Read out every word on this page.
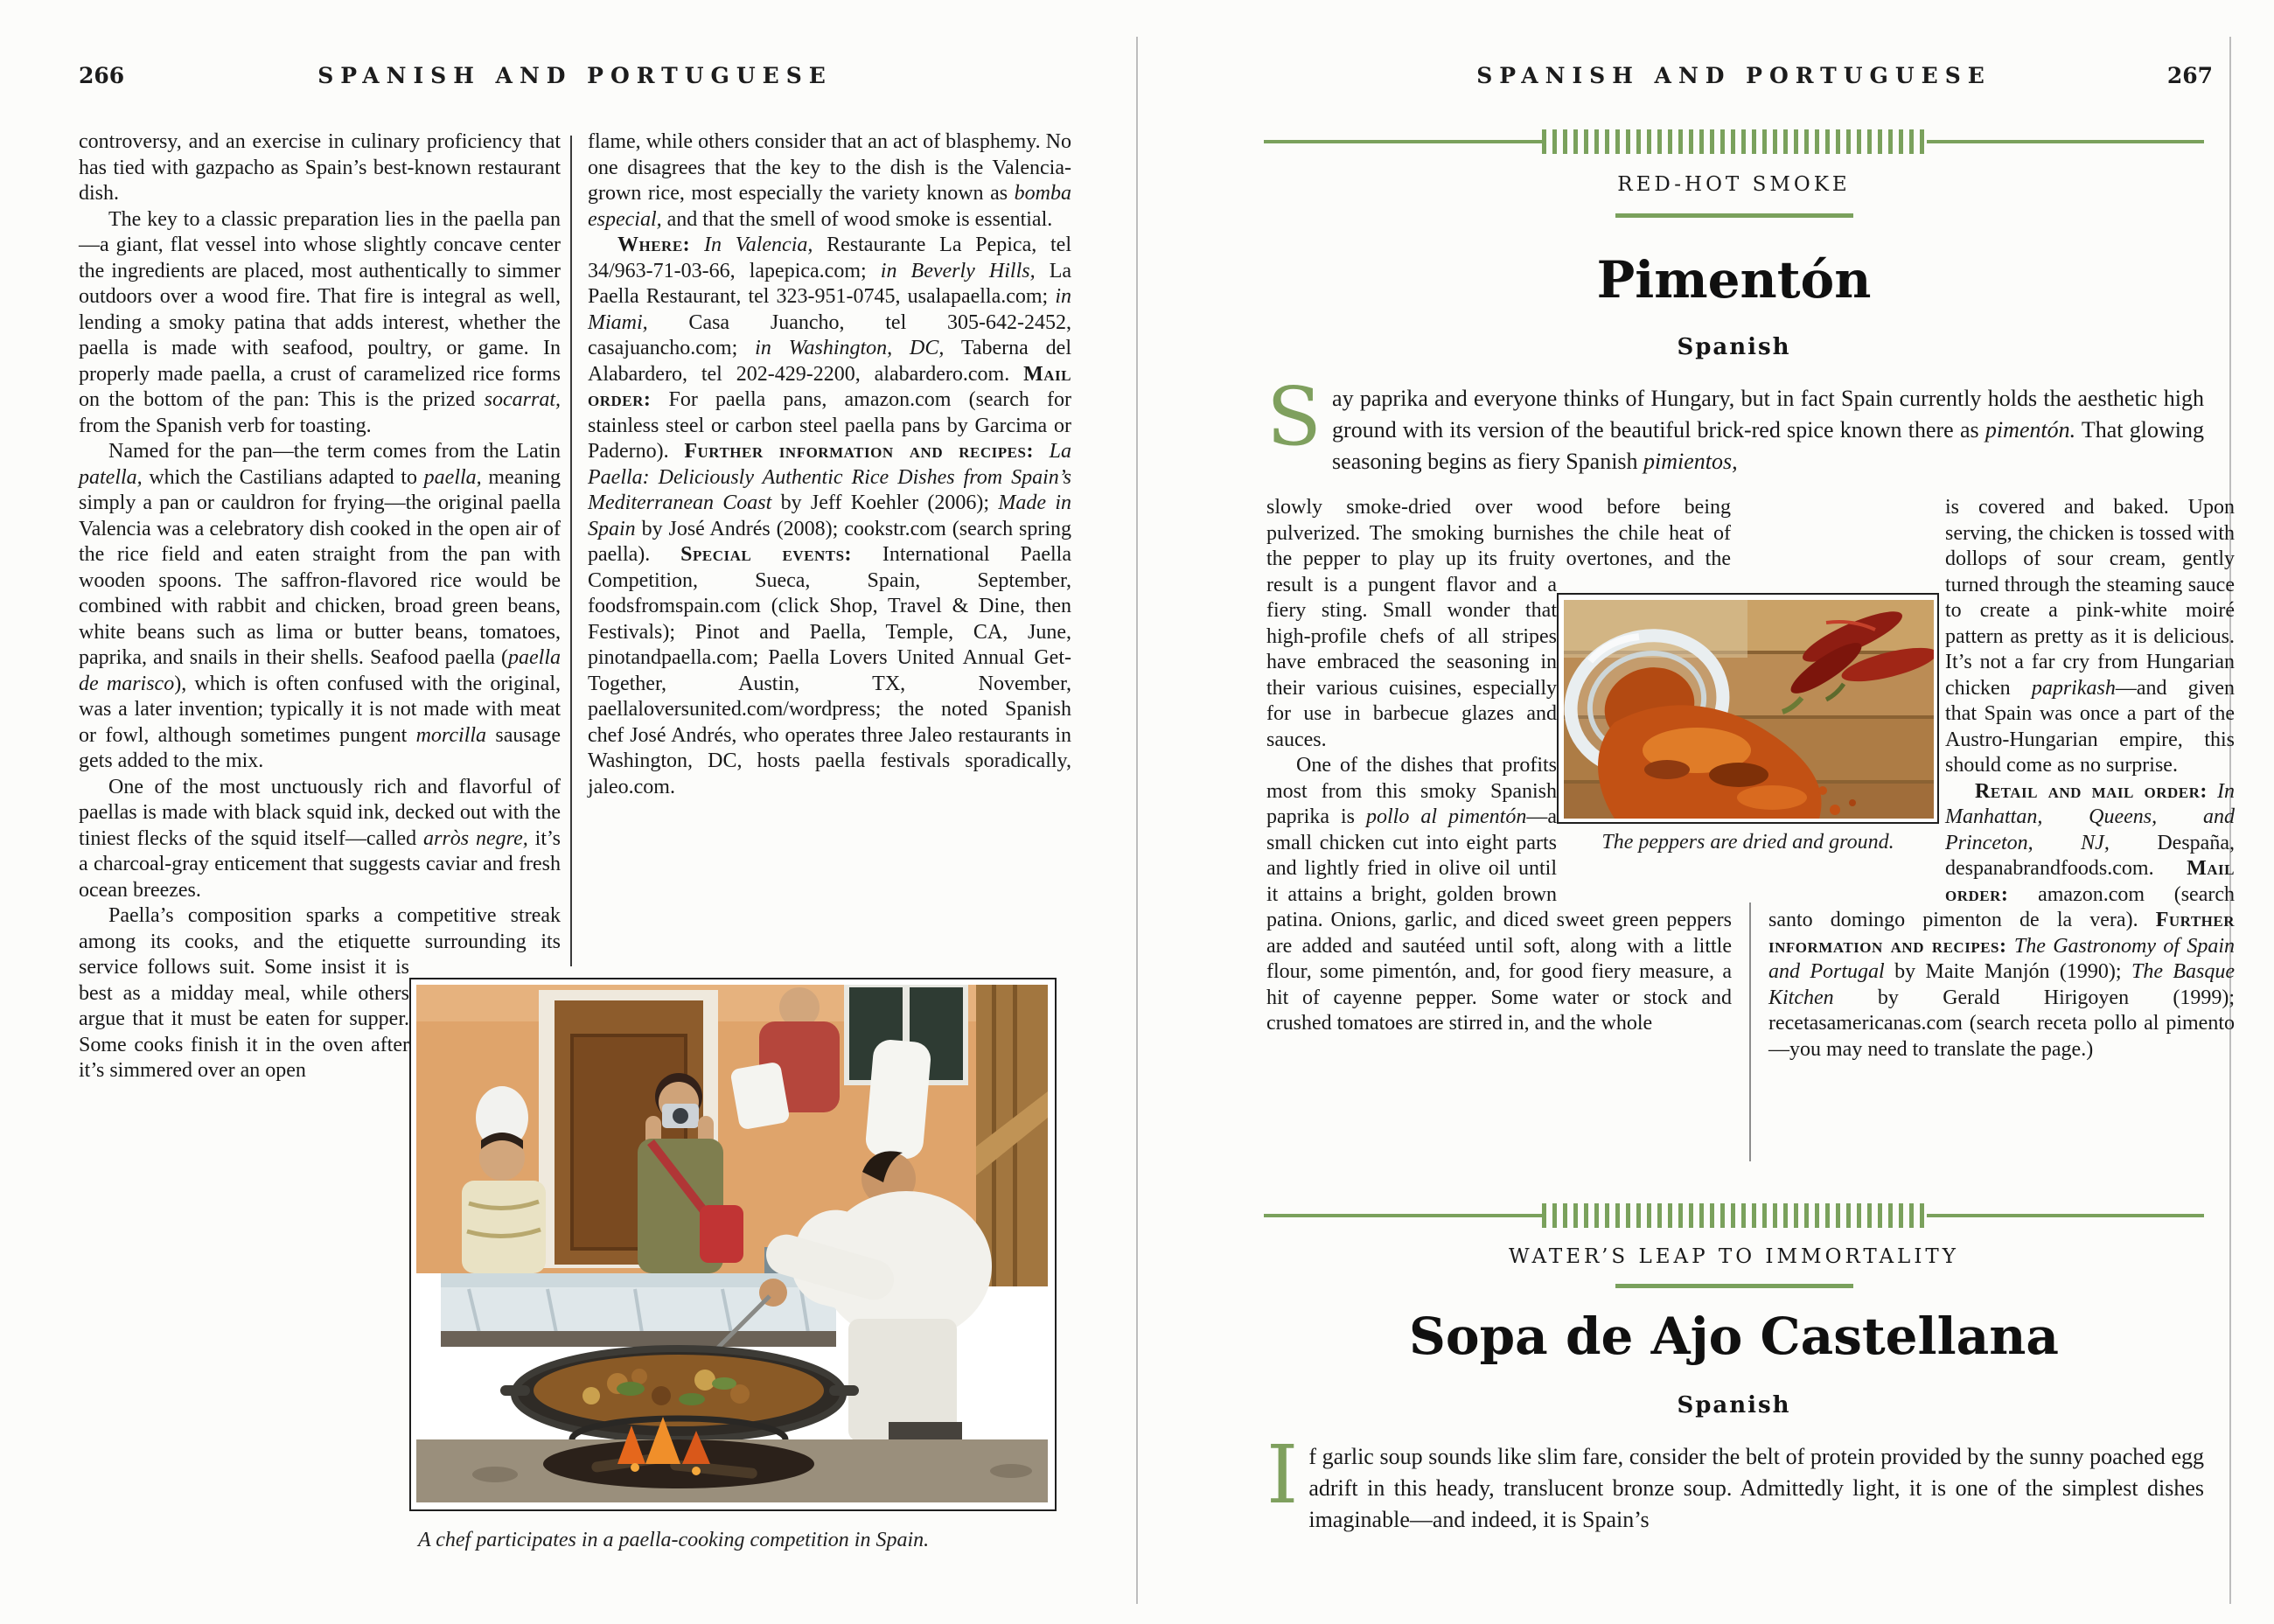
266	SPANISH AND PORTUGUESE

controversy, and an exercise in culinary proficiency that has tied with gazpacho as Spain’s best-known restaurant dish.

The key to a classic preparation lies in the paella pan—a giant, flat vessel into whose slightly concave center the ingredients are placed, most authentically to simmer outdoors over a wood fire. That fire is integral as well, lending a smoky patina that adds interest, whether the paella is made with seafood, poultry, or game. In properly made paella, a crust of caramelized rice forms on the bottom of the pan: This is the prized socarrat, from the Spanish verb for toasting.

Named for the pan—the term comes from the Latin patella, which the Castilians adapted to paella, meaning simply a pan or cauldron for frying—the original paella Valencia was a celebratory dish cooked in the open air of the rice field and eaten straight from the pan with wooden spoons. The saffron-flavored rice would be combined with rabbit and chicken, broad green beans, white beans such as lima or butter beans, tomatoes, paprika, and snails in their shells. Seafood paella (paella de marisco), which is often confused with the original, was a later invention; typically it is not made with meat or fowl, although sometimes pungent morcilla sausage gets added to the mix.

One of the most unctuously rich and flavorful of paellas is made with black squid ink, decked out with the tiniest flecks of the squid itself—called arròs negre, it’s a charcoal-gray enticement that suggests caviar and fresh ocean breezes.

Paella’s composition sparks a competitive streak among its cooks, and the etiquette surrounding its service follows suit. Some insist it is best as a midday meal, while others argue that it must be eaten for supper. Some cooks finish it in the oven after it’s simmered over an open

flame, while others consider that an act of blasphemy. No one disagrees that the key to the dish is the Valencia-grown rice, most especially the variety known as bomba especial, and that the smell of wood smoke is essential.

Where: In Valencia, Restaurante La Pepica, tel 34/963-71-03-66, lapepica.com; in Beverly Hills, La Paella Restaurant, tel 323-951-0745, usalapaella.com; in Miami, Casa Juancho, tel 305-642-2452, casajuancho.com; in Washington, DC, Taberna del Alabardero, tel 202-429-2200, alabardero.com. Mail order: For paella pans, amazon.com (search for stainless steel or carbon steel paella pans by Garcima or Paderno). Further information and recipes: La Paella: Deliciously Authentic Rice Dishes from Spain’s Mediterranean Coast by Jeff Koehler (2006); Made in Spain by José Andrés (2008); cookstr.com (search spring paella). Special events: International Paella Competition, Sueca, Spain, September, foodsfromspain.com (click Shop, Travel & Dine, then Festivals); Pinot and Paella, Temple, CA, June, pinotandpaella.com; Paella Lovers United Annual Get-Together, Austin, TX, November, paellaloversunited.com/wordpress; the noted Spanish chef José Andrés, who operates three Jaleo restaurants in Washington, DC, hosts paella festivals sporadically, jaleo.com.

A chef participates in a paella-cooking competition in Spain.
SPANISH AND PORTUGUESE	267
RED-HOT SMOKE
Pimentón
Spanish
Say paprika and everyone thinks of Hungary, but in fact Spain currently holds the aesthetic high ground with its version of the beautiful brick-red spice known there as pimentón. That glowing seasoning begins as fiery Spanish pimientos,

slowly smoke-dried over wood before being pulverized. The smoking burnishes the chile heat of the pepper to play up its fruity overtones, and the result is a pungent flavor and a fiery sting. Small wonder that high-profile chefs of all stripes have embraced the seasoning in their various cuisines, especially for use in barbecue glazes and sauces.

One of the dishes that profits most from this smoky Spanish paprika is pollo al pimentón—a small chicken cut into eight parts and lightly fried in olive oil until it attains a bright, golden brown patina. Onions, garlic, and diced sweet green peppers are added and sautéed until soft, along with a little flour, some pimentón, and, for good fiery measure, a hit of cayenne pepper. Some water or stock and crushed tomatoes are stirred in, and the whole

is covered and baked. Upon serving, the chicken is tossed with dollops of sour cream, gently turned through the steaming sauce to create a pink-white moiré pattern as pretty as it is delicious. It’s not a far cry from Hungarian chicken paprikash—and given that Spain was once a part of the Austro-Hungarian empire, this should come as no surprise.

Retail and mail order: In Manhattan, Queens, and Princeton, NJ, Despaña, despanabrandfoods.com. Mail order: amazon.com (search santo domingo pimenton de la vera). Further information and recipes: The Gastronomy of Spain and Portugal by Maite Manjón (1990); The Basque Kitchen by Gerald Hirigoyen (1999); recetasamericanas.com (search receta pollo al pimento—you may need to translate the page.)

The peppers are dried and ground.
WATER’S LEAP TO IMMORTALITY
Sopa de Ajo Castellana
Spanish
If garlic soup sounds like slim fare, consider the belt of protein provided by the sunny poached egg adrift in this heady, translucent bronze soup. Admittedly light, it is one of the simplest dishes imaginable—and indeed, it is Spain’s
